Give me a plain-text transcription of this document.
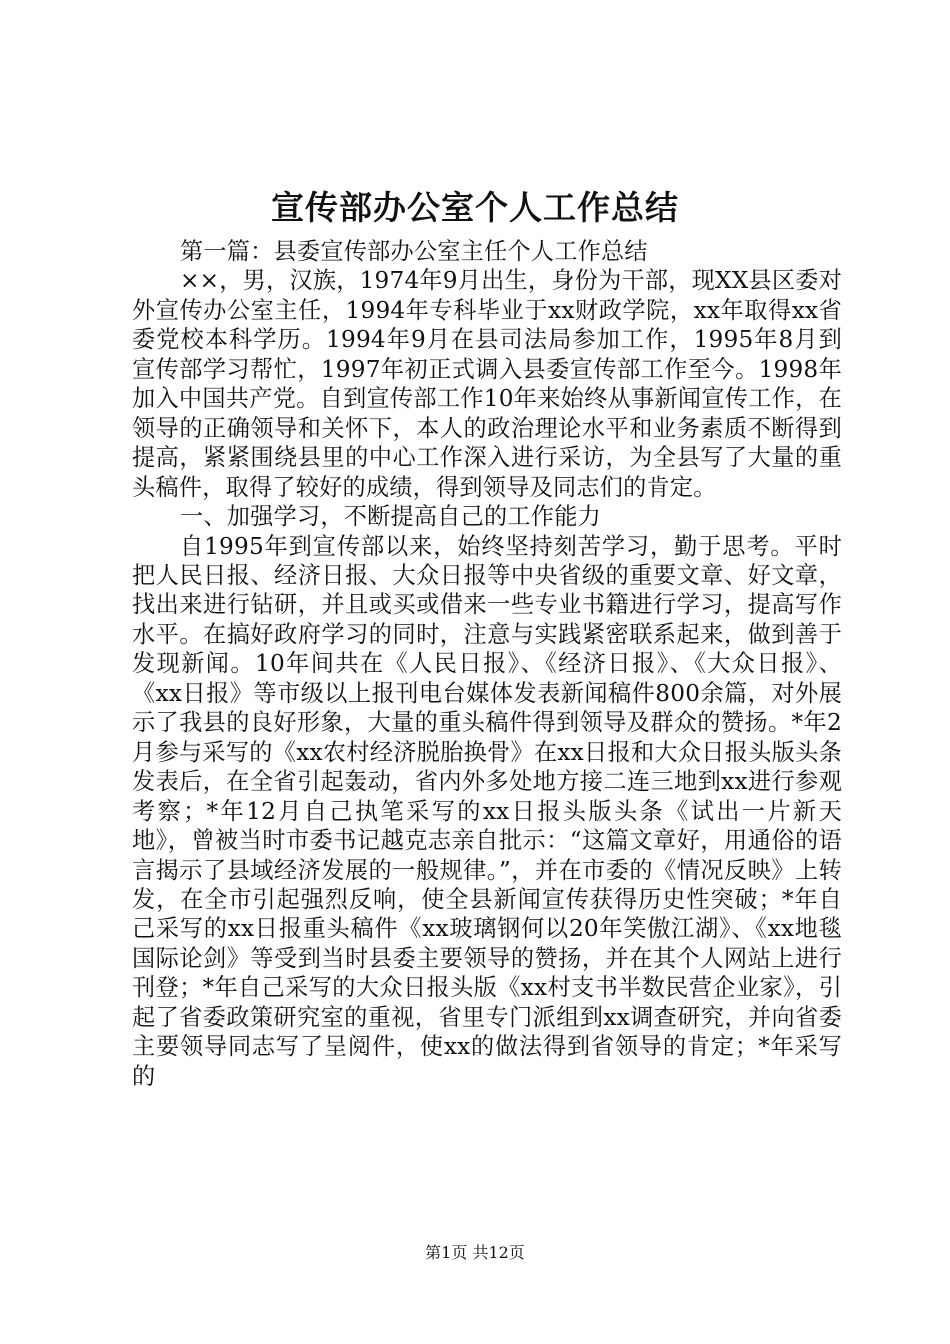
宣传部办公室个人工作总结

第一篇：县委宣传部办公室主任个人工作总结

××，男，汉族，1974年9月出生，身份为干部，现XX县区委对外宣传办公室主任，1994年专科毕业于xx财政学院，xx年取得xx省委党校本科学历。1994年9月在县司法局参加工作，1995年8月到宣传部学习帮忙，1997年初正式调入县委宣传部工作至今。1998年加入中国共产党。自到宣传部工作10年来始终从事新闻宣传工作，在领导的正确领导和关怀下，本人的政治理论水平和业务素质不断得到提高，紧紧围绕县里的中心工作深入进行采访，为全县写了大量的重头稿件，取得了较好的成绩，得到领导及同志们的肯定。

一、加强学习，不断提高自己的工作能力

自1995年到宣传部以来，始终坚持刻苦学习，勤于思考。平时把人民日报、经济日报、大众日报等中央省级的重要文章、好文章，找出来进行钻研，并且或买或借来一些专业书籍进行学习，提高写作水平。在搞好政府学习的同时，注意与实践紧密联系起来，做到善于发现新闻。10年间共在《人民日报》、《经济日报》、《大众日报》、《xx日报》等市级以上报刊电台媒体发表新闻稿件800余篇，对外展示了我县的良好形象，大量的重头稿件得到领导及群众的赞扬。*年2月参与采写的《xx农村经济脱胎换骨》在xx日报和大众日报头版头条发表后，在全省引起轰动，省内外多处地方接二连三地到xx进行参观考察；*年12月自己执笔采写的xx日报头版头条《试出一片新天地》，曾被当时市委书记越克志亲自批示：“这篇文章好，用通俗的语言揭示了县域经济发展的一般规律。”，并在市委的《情况反映》上转发，在全市引起强烈反响，使全县新闻宣传获得历史性突破；*年自己采写的xx日报重头稿件《xx玻璃钢何以20年笑傲江湖》、《xx地毯国际论剑》等受到当时县委主要领导的赞扬，并在其个人网站上进行刊登；*年自己采写的大众日报头版《xx村支书半数民营企业家》，引起了省委政策研究室的重视，省里专门派组到xx调查研究，并向省委主要领导同志写了呈阅件，使xx的做法得到省领导的肯定；*年采写的

第1页 共12页
